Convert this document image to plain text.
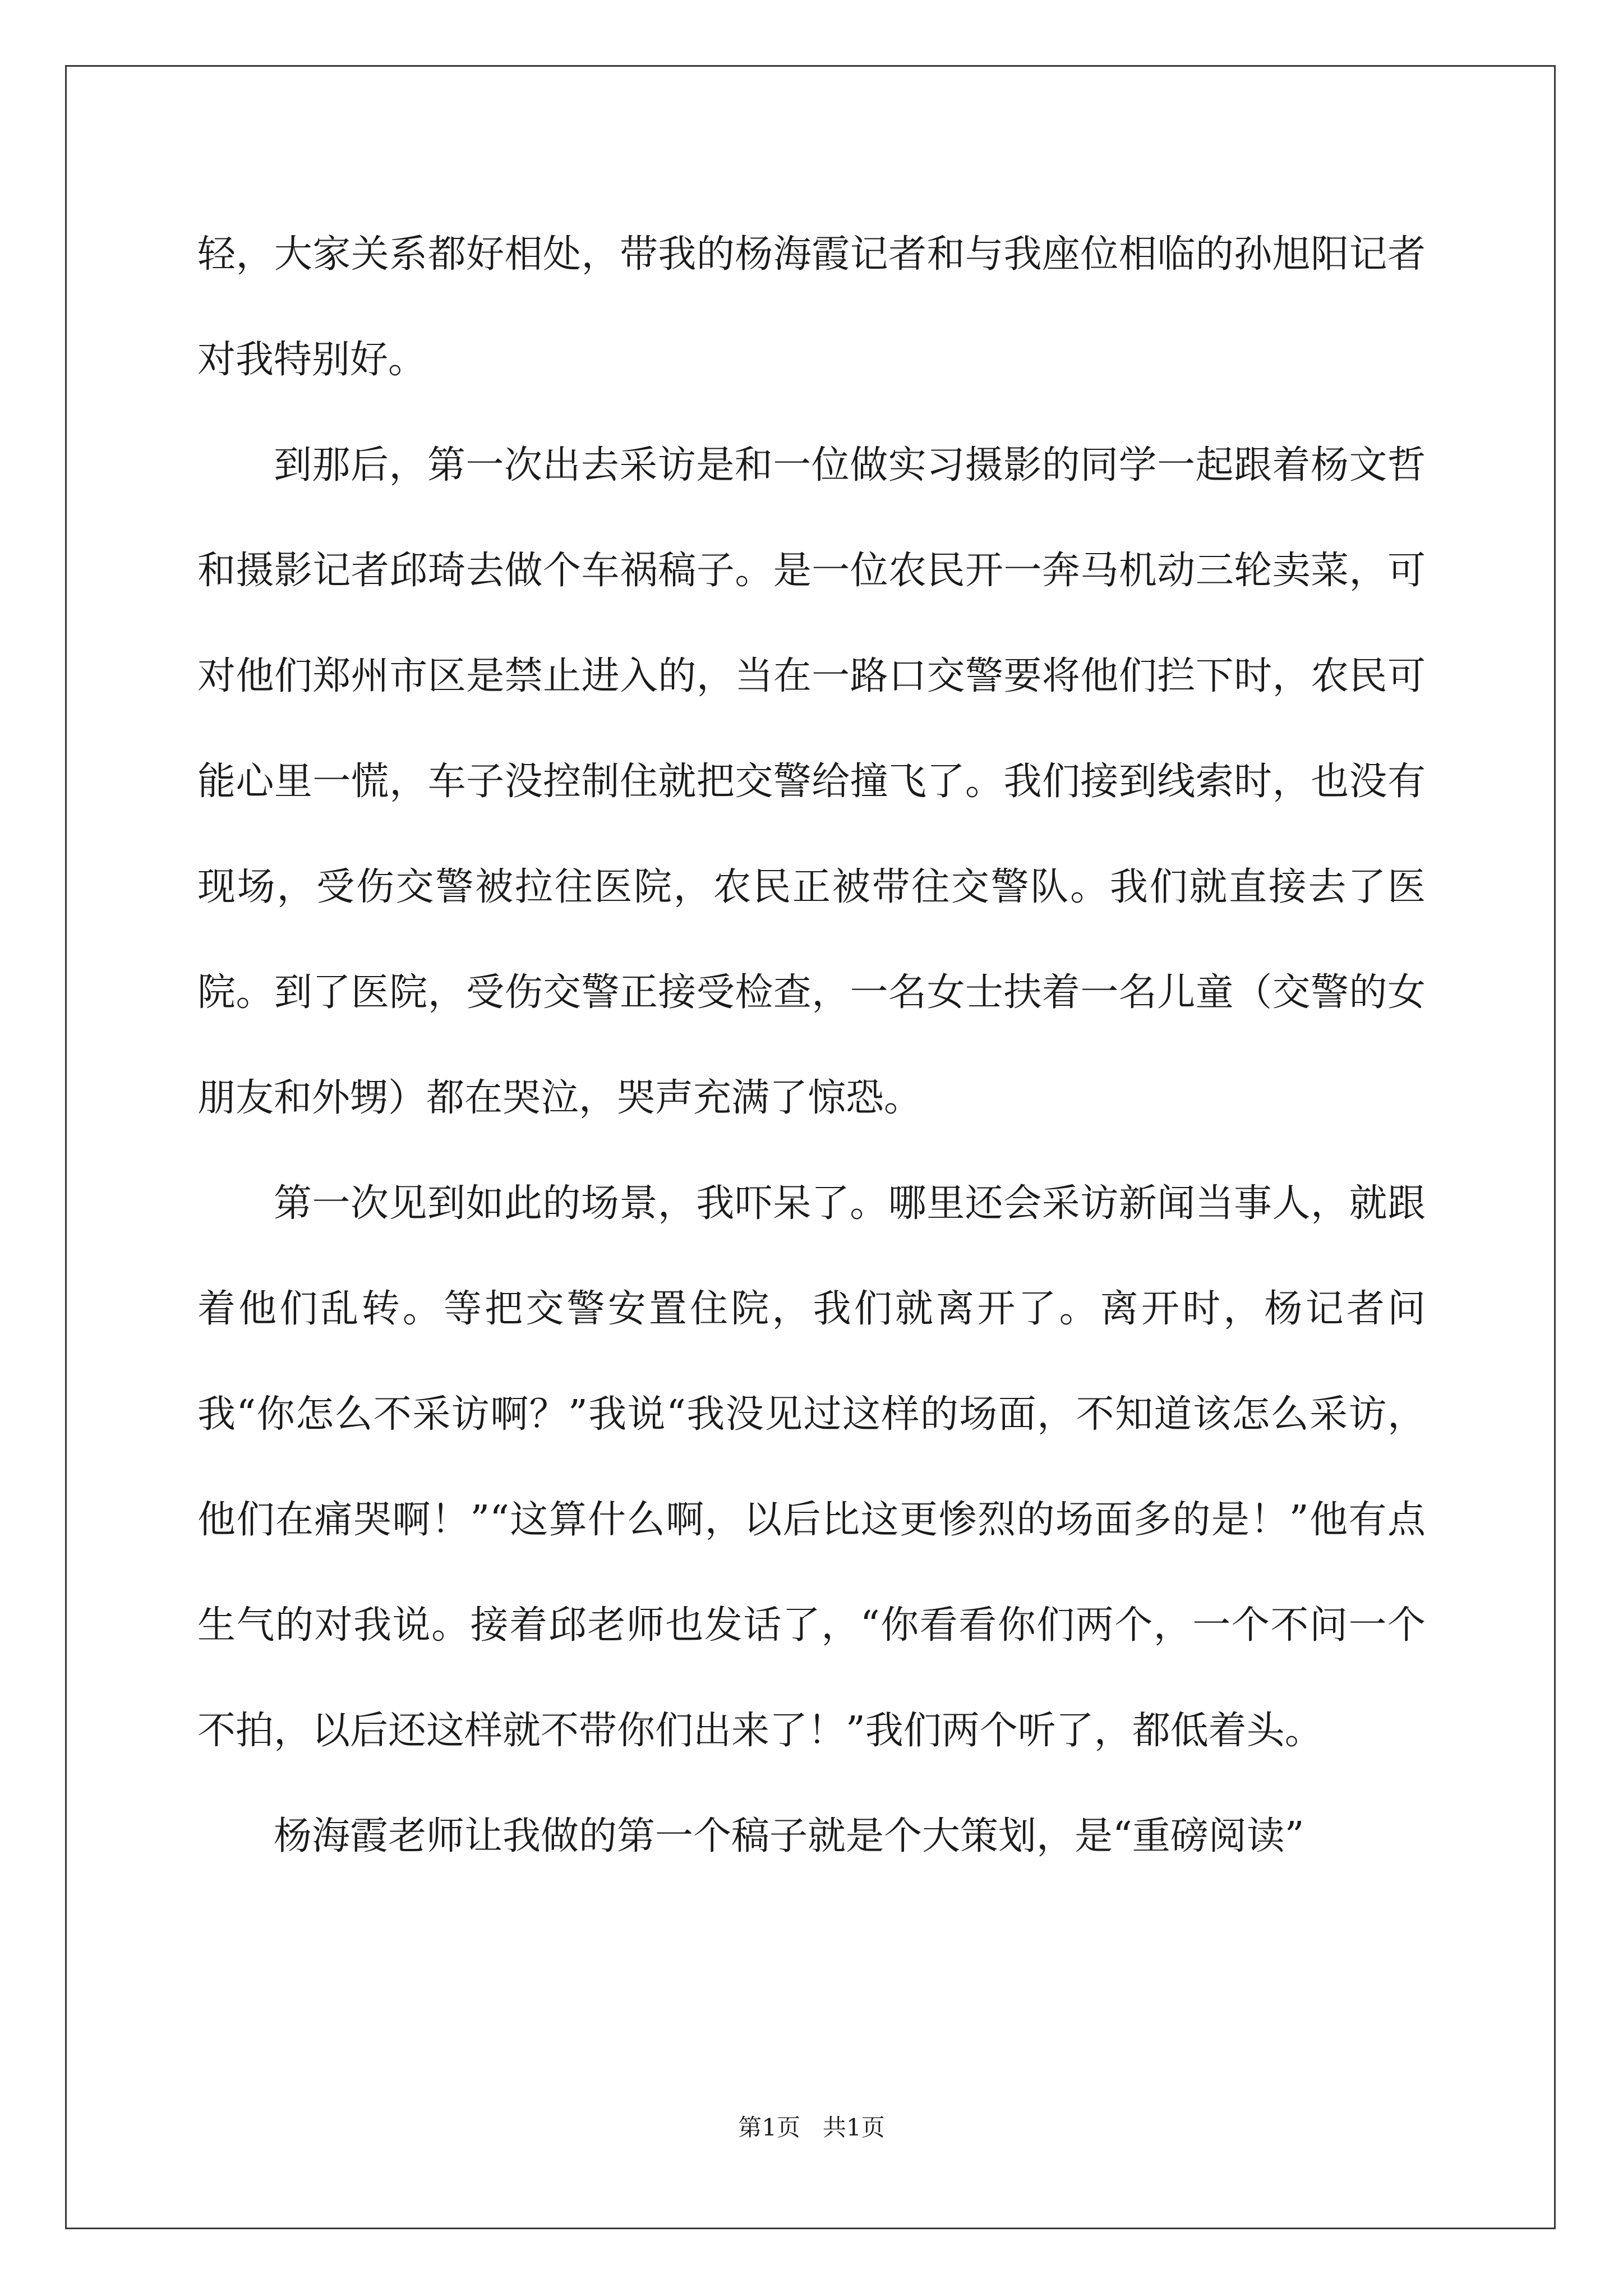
轻，大家关系都好相处，带我的杨海霞记者和与我座位相临的孙旭阳记者对我特别好。

到那后，第一次出去采访是和一位做实习摄影的同学一起跟着杨文哲和摄影记者邱琦去做个车祸稿子。是一位农民开一奔马机动三轮卖菜，可对他们郑州市区是禁止进入的，当在一路口交警要将他们拦下时，农民可能心里一慌，车子没控制住就把交警给撞飞了。我们接到线索时，也没有现场，受伤交警被拉往医院，农民正被带往交警队。我们就直接去了医院。到了医院，受伤交警正接受检查，一名女士扶着一名儿童（交警的女朋友和外甥）都在哭泣，哭声充满了惊恐。

第一次见到如此的场景，我吓呆了。哪里还会采访新闻当事人，就跟着他们乱转。等把交警安置住院，我们就离开了。离开时，杨记者问我“你怎么不采访啊？”我说“我没见过这样的场面，不知道该怎么采访，他们在痛哭啊！”“这算什么啊，以后比这更惨烈的场面多的是！”他有点生气的对我说。接着邱老师也发话了，“你看看你们两个，一个不问一个不拍，以后还这样就不带你们出来了！”我们两个听了，都低着头。

杨海霞老师让我做的第一个稿子就是个大策划，是“重磅阅读”

第1页 共1页
